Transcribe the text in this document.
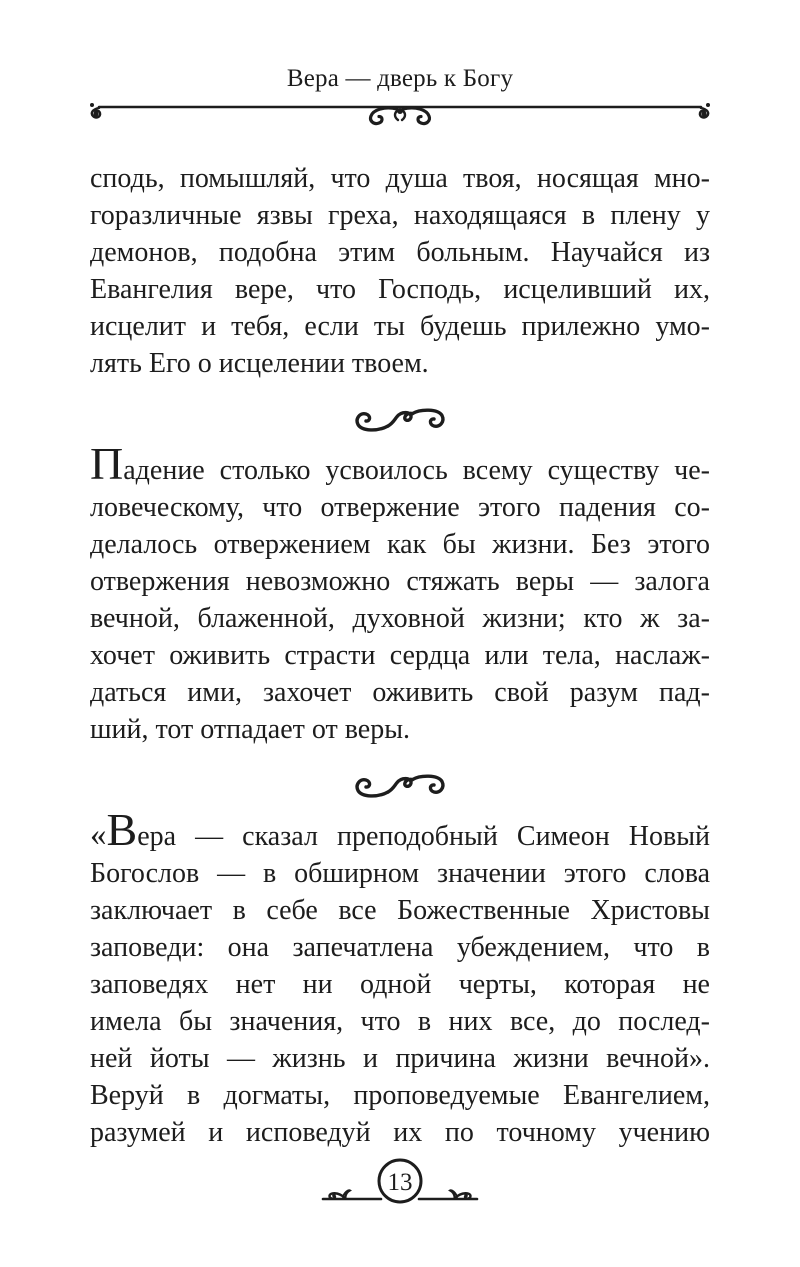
Вера — дверь к Богу
сподь, помышляй, что душа твоя, носящая мно-
горазличные язвы греха, находящаяся в плену у
демонов, подобна этим больным. Научайся из
Евангелия вере, что Господь, исцеливший их,
исцелит и тебя, если ты будешь прилежно умо-
лять Его о исцелении твоем.
Падение столько усвоилось всему существу че-
ловеческому, что отвержение этого падения со-
делалось отвержением как бы жизни. Без этого
отвержения невозможно стяжать веры — залога
вечной, блаженной, духовной жизни; кто ж за-
хочет оживить страсти сердца или тела, наслаж-
даться ими, захочет оживить свой разум пад-
ший, тот отпадает от веры.
«Вера — сказал преподобный Симеон Новый
Богослов — в обширном значении этого слова
заключает в себе все Божественные Христовы
заповеди: она запечатлена убеждением, что в
заповедях нет ни одной черты, которая не
имела бы значения, что в них все, до послед-
ней йоты — жизнь и причина жизни вечной».
Веруй в догматы, проповедуемые Евангелием,
разумей и исповедуй их по точному учению
13
